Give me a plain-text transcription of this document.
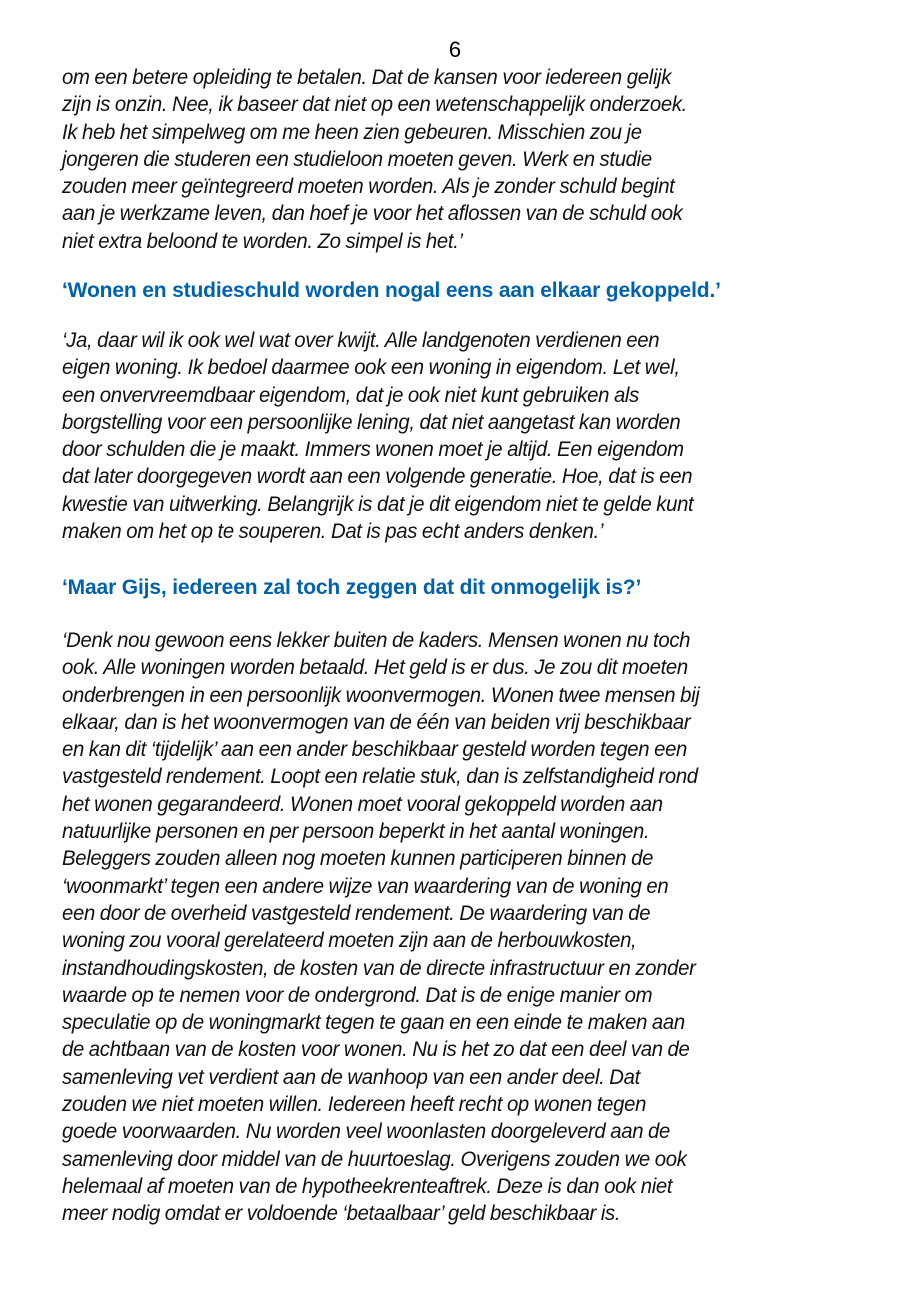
6
om een betere opleiding te betalen. Dat de kansen voor iedereen gelijk
zijn is onzin. Nee, ik baseer dat niet op een wetenschappelijk onderzoek.
Ik heb het simpelweg om me heen zien gebeuren. Misschien zou je
jongeren die studeren een studieloon moeten geven. Werk en studie
zouden meer geïntegreerd moeten worden. Als je zonder schuld begint
aan je werkzame leven, dan hoef je voor het aflossen van de schuld ook
niet extra beloond te worden. Zo simpel is het.’
‘Wonen en studieschuld worden nogal eens aan elkaar gekoppeld.’
‘Ja, daar wil ik ook wel wat over kwijt. Alle landgenoten verdienen een
eigen woning. Ik bedoel daarmee ook een woning in eigendom. Let wel,
een onvervreemdbaar eigendom, dat je ook niet kunt gebruiken als
borgstelling voor een persoonlijke lening, dat niet aangetast kan worden
door schulden die je maakt. Immers wonen moet je altijd. Een eigendom
dat later doorgegeven wordt aan een volgende generatie. Hoe, dat is een
kwestie van uitwerking. Belangrijk is dat je dit eigendom niet te gelde kunt
maken om het op te souperen. Dat is pas echt anders denken.’
‘Maar Gijs, iedereen zal toch zeggen dat dit onmogelijk is?’
‘Denk nou gewoon eens lekker buiten de kaders. Mensen wonen nu toch
ook. Alle woningen worden betaald. Het geld is er dus. Je zou dit moeten
onderbrengen in een persoonlijk woonvermogen. Wonen twee mensen bij
elkaar, dan is het woonvermogen van de één van beiden vrij beschikbaar
en kan dit ‘tijdelijk’ aan een ander beschikbaar gesteld worden tegen een
vastgesteld rendement. Loopt een relatie stuk, dan is zelfstandigheid rond
het wonen gegarandeerd. Wonen moet vooral gekoppeld worden aan
natuurlijke personen en per persoon beperkt in het aantal woningen.
Beleggers zouden alleen nog moeten kunnen participeren binnen de
‘woonmarkt’ tegen een andere wijze van waardering van de woning en
een door de overheid vastgesteld rendement. De waardering van de
woning zou vooral gerelateerd moeten zijn aan de herbouwkosten,
instandhoudingskosten, de kosten van de directe infrastructuur en zonder
waarde op te nemen voor de ondergrond. Dat is de enige manier om
speculatie op de woningmarkt tegen te gaan en een einde te maken aan
de achtbaan van de kosten voor wonen. Nu is het zo dat een deel van de
samenleving vet verdient aan de wanhoop van een ander deel. Dat
zouden we niet moeten willen. Iedereen heeft recht op wonen tegen
goede voorwaarden. Nu worden veel woonlasten doorgeleverd aan de
samenleving door middel van de huurtoeslag. Overigens zouden we ook
helemaal af moeten van de hypotheekrenteaftrek. Deze is dan ook niet
meer nodig omdat er voldoende ‘betaalbaar’ geld beschikbaar is.
